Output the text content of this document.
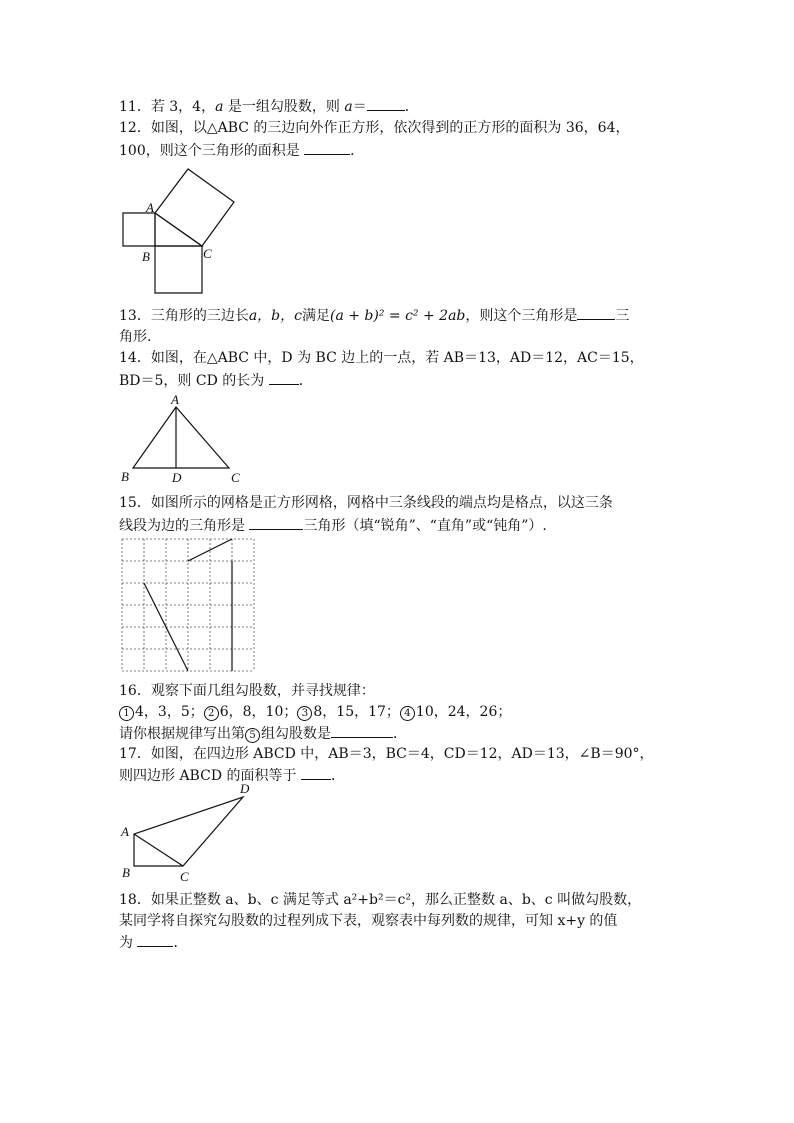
11．若 3，4，a 是一组勾股数，则 a＝	．
12．如图，以△ABC 的三边向外作正方形，依次得到的正方形的面积为 36，64，
100，则这个三角形的面积是	．
A
B	C
13．三角形的三边长a，b，c满足(a + b)² = c² + 2ab，则这个三角形是	三
角形.
14．如图，在△ABC 中，D 为 BC 边上的一点，若 AB＝13，AD＝12，AC＝15，
BD＝5，则 CD 的长为 ．
A
B	D	C
15．如图所示的网格是正方形网格，网格中三条线段的端点均是格点，以这三条
线段为边的三角形是	三角形（填“锐角”、“直角”或“钝角”）.
16．观察下面几组勾股数，并寻找规律：
1 4，3，5； 2 6，8，10； 3 8，15，17； 4 10，24，26；
请你根据规律写出第 5 组勾股数是	．
17．如图，在四边形 ABCD 中，AB＝3，BC＝4，CD＝12，AD＝13，∠B＝90°，
则四边形 ABCD 的面积等于 ．
A
B	C
D
18．如果正整数 a、b、c 满足等式 a²+b²＝c²，那么正整数 a、b、c 叫做勾股数，
某同学将自探究勾股数的过程列成下表，观察表中每列数的规律，可知 x+y 的值
为	．
